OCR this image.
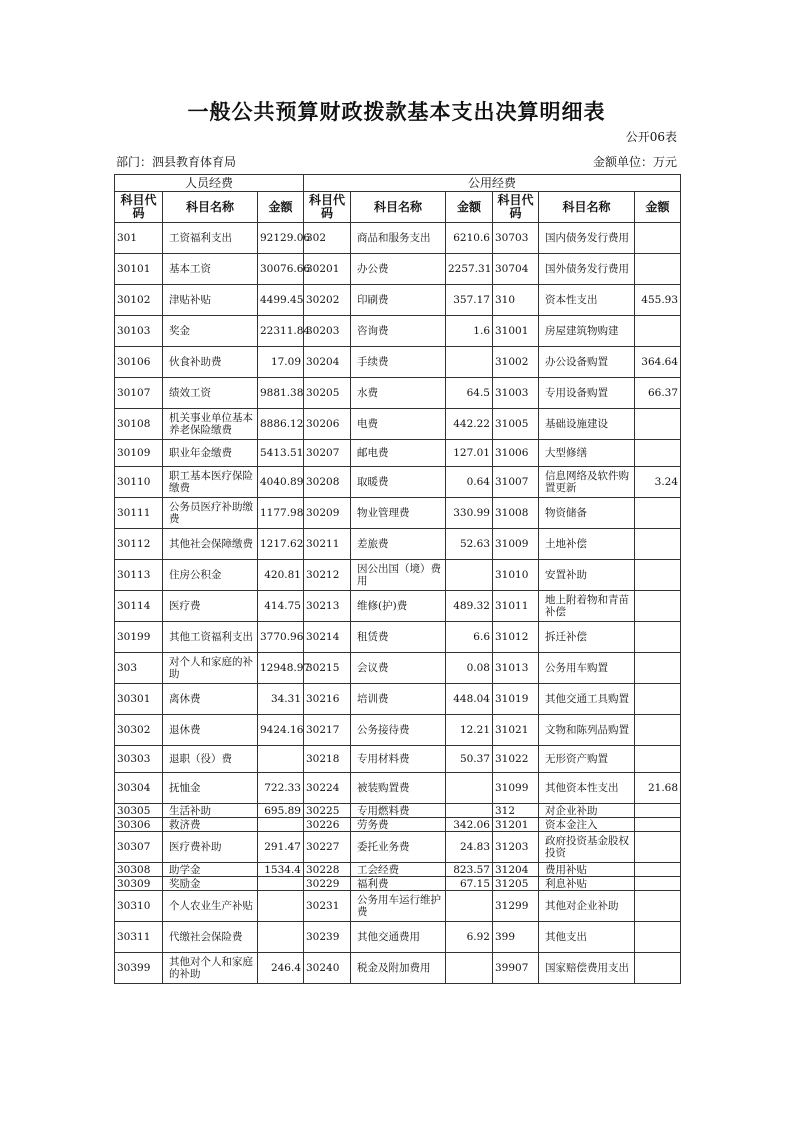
一般公共预算财政拨款基本支出决算明细表
公开06表
部门：泗县教育体育局	金额单位：万元
人员经费			公用经费					
科目代码	科目名称	金额	科目代码	科目名称	金额	科目代码	科目名称	金额
301	工资福利支出	92129.06	302	商品和服务支出	6210.6	30703	国内债务发行费用	
30101	基本工资	30076.66	30201	办公费	2257.31	30704	国外债务发行费用	
30102	津贴补贴	4499.45	30202	印刷费	357.17	310	资本性支出	455.93
30103	奖金	22311.84	30203	咨询费	1.6	31001	房屋建筑物购建	
30106	伙食补助费	17.09	30204	手续费		31002	办公设备购置	364.64
30107	绩效工资	9881.38	30205	水费	64.5	31003	专用设备购置	66.37
30108	机关事业单位基本养老保险缴费	8886.12	30206	电费	442.22	31005	基础设施建设	
30109	职业年金缴费	5413.51	30207	邮电费	127.01	31006	大型修缮	
30110	职工基本医疗保险缴费	4040.89	30208	取暖费	0.64	31007	信息网络及软件购置更新	3.24
30111	公务员医疗补助缴费	1177.98	30209	物业管理费	330.99	31008	物资储备	
30112	其他社会保障缴费	1217.62	30211	差旅费	52.63	31009	土地补偿	
30113	住房公积金	420.81	30212	因公出国（境）费用		31010	安置补助	
30114	医疗费	414.75	30213	维修(护)费	489.32	31011	地上附着物和青苗补偿	
30199	其他工资福利支出	3770.96	30214	租赁费	6.6	31012	拆迁补偿	
303	对个人和家庭的补助	12948.97	30215	会议费	0.08	31013	公务用车购置	
30301	离休费	34.31	30216	培训费	448.04	31019	其他交通工具购置	
30302	退休费	9424.16	30217	公务接待费	12.21	31021	文物和陈列品购置	
30303	退职（役）费		30218	专用材料费	50.37	31022	无形资产购置	
30304	抚恤金	722.33	30224	被装购置费		31099	其他资本性支出	21.68
30305	生活补助	695.89	30225	专用燃料费		312	对企业补助	
30306	救济费		30226	劳务费	342.06	31201	资本金注入	
30307	医疗费补助	291.47	30227	委托业务费	24.83	31203	政府投资基金股权投资	
30308	助学金	1534.4	30228	工会经费	823.57	31204	费用补贴	
30309	奖励金		30229	福利费	67.15	31205	利息补贴	
30310	个人农业生产补贴		30231	公务用车运行维护费		31299	其他对企业补助	
30311	代缴社会保险费		30239	其他交通费用	6.92	399	其他支出	
30399	其他对个人和家庭的补助	246.4	30240	税金及附加费用		39907	国家赔偿费用支出	
